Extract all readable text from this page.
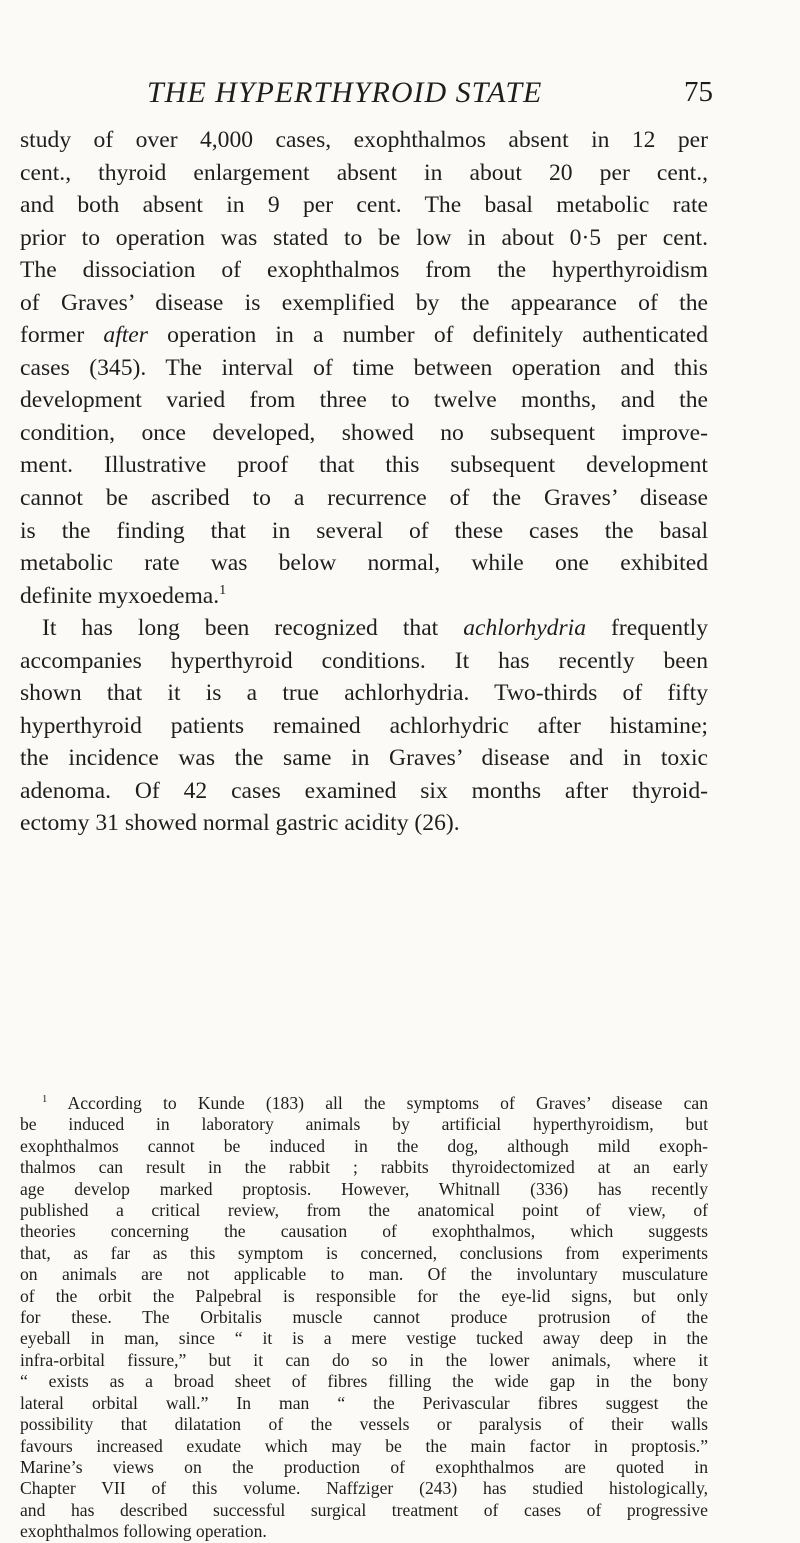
THE HYPERTHYROID STATE	75
study of over 4,000 cases, exophthalmos absent in 12 per
cent., thyroid enlargement absent in about 20 per cent.,
and both absent in 9 per cent. The basal metabolic rate
prior to operation was stated to be low in about 0·5 per cent.
The dissociation of exophthalmos from the hyperthyroidism
of Graves’ disease is exemplified by the appearance of the
former after operation in a number of definitely authenticated
cases (345). The interval of time between operation and this
development varied from three to twelve months, and the
condition, once developed, showed no subsequent improve-
ment. Illustrative proof that this subsequent development
cannot be ascribed to a recurrence of the Graves’ disease
is the finding that in several of these cases the basal
metabolic rate was below normal, while one exhibited
definite myxoedema.$^1$
It has long been recognized that achlorhydria frequently
accompanies hyperthyroid conditions. It has recently been
shown that it is a true achlorhydria. Two-thirds of fifty
hyperthyroid patients remained achlorhydric after histamine;
the incidence was the same in Graves’ disease and in toxic
adenoma. Of 42 cases examined six months after thyroid-
ectomy 31 showed normal gastric acidity (26).
$^1$ According to Kunde (183) all the symptoms of Graves’ disease can
be induced in laboratory animals by artificial hyperthyroidism, but
exophthalmos cannot be induced in the dog, although mild exoph-
thalmos can result in the rabbit ; rabbits thyroidectomized at an early
age develop marked proptosis. However, Whitnall (336) has recently
published a critical review, from the anatomical point of view, of
theories concerning the causation of exophthalmos, which suggests
that, as far as this symptom is concerned, conclusions from experiments
on animals are not applicable to man. Of the involuntary musculature
of the orbit the Palpebral is responsible for the eye-lid signs, but only
for these. The Orbitalis muscle cannot produce protrusion of the
eyeball in man, since “ it is a mere vestige tucked away deep in the
infra-orbital fissure,” but it can do so in the lower animals, where it
“ exists as a broad sheet of fibres filling the wide gap in the bony
lateral orbital wall.” In man “ the Perivascular fibres suggest the
possibility that dilatation of the vessels or paralysis of their walls
favours increased exudate which may be the main factor in proptosis.”
Marine’s views on the production of exophthalmos are quoted in
Chapter VII of this volume. Naffziger (243) has studied histologically,
and has described successful surgical treatment of cases of progressive
exophthalmos following operation.
